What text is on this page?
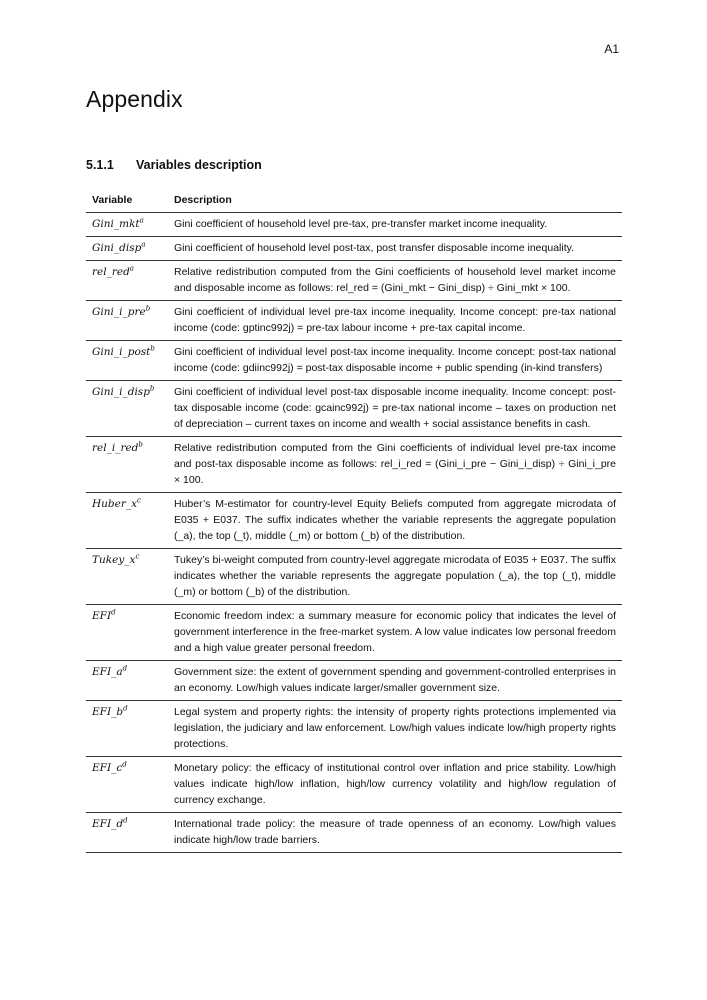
A1
Appendix
5.1.1 Variables description
Variable	Description
Gini_mkt$^a$	Gini coefficient of household level pre-tax, pre-transfer market income inequality.
Gini_disp$^a$	Gini coefficient of household level post-tax, post transfer disposable income inequality.
rel_red$^a$	Relative redistribution computed from the Gini coefficients of household level market income and disposable income as follows: rel_red = (Gini_mkt − Gini_disp) ÷ Gini_mkt × 100.
Gini_i_pre$^b$	Gini coefficient of individual level pre-tax income inequality. Income concept: pre-tax national income (code: gptinc992j) = pre-tax labour income + pre-tax capital income.
Gini_i_post$^b$	Gini coefficient of individual level post-tax income inequality. Income concept: post-tax national income (code: gdiinc992j) = post-tax disposable income + public spending (in-kind transfers)
Gini_i_disp$^b$	Gini coefficient of individual level post-tax disposable income inequality. Income concept: post-tax disposable income (code: gcainc992j) = pre-tax national income – taxes on production net of depreciation – current taxes on income and wealth + social assistance benefits in cash.
rel_i_red$^b$	Relative redistribution computed from the Gini coefficients of individual level pre-tax income and post-tax disposable income as follows: rel_i_red = (Gini_i_pre − Gini_i_disp) ÷ Gini_i_pre × 100.
$Huber\_x^c$	Huber’s M-estimator for country-level Equity Beliefs computed from aggregate microdata of E035 + E037. The suffix indicates whether the variable represents the aggregate population (_a), the top (_t), middle (_m) or bottom (_b) of the distribution.
$Tukey\_x^c$	Tukey’s bi-weight computed from country-level aggregate microdata of E035 + E037. The suffix indicates whether the variable represents the aggregate population (_a), the top (_t), middle (_m) or bottom (_b) of the distribution.
EFI$^d$	Economic freedom index: a summary measure for economic policy that indicates the level of government interference in the free-market system. A low value indicates low personal freedom and a high value greater personal freedom.
$EFI\_a^d$	Government size: the extent of government spending and government-controlled enterprises in an economy. Low/high values indicate larger/smaller government size.
$EFI\_b^d$	Legal system and property rights: the intensity of property rights protections implemented via legislation, the judiciary and law enforcement. Low/high values indicate low/high property rights protections.
$EFI\_c^d$	Monetary policy: the efficacy of institutional control over inflation and price stability. Low/high values indicate high/low inflation, high/low currency volatility and high/low regulation of currency exchange.
$EFI\_d^d$	International trade policy: the measure of trade openness of an economy. Low/high values indicate high/low trade barriers.
